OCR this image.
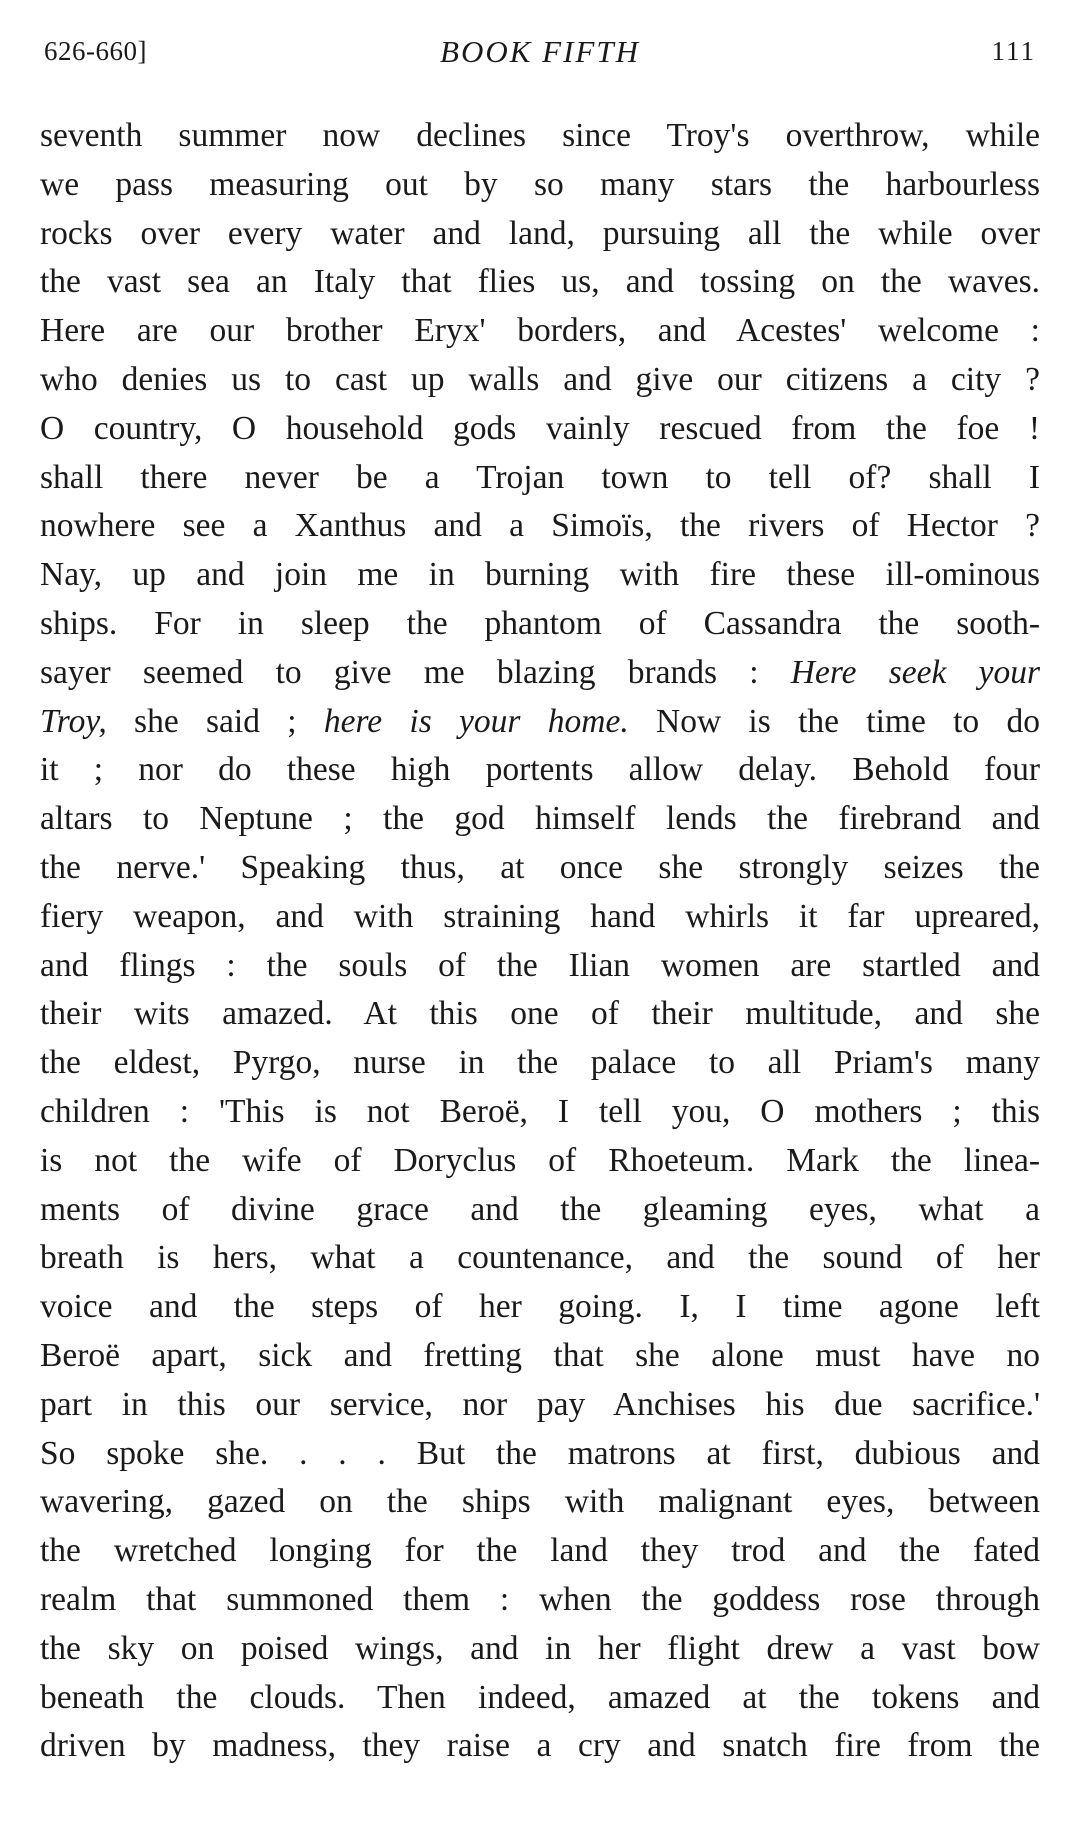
626-660]	BOOK FIFTH	111
seventh summer now declines since Troy's overthrow, while
we pass measuring out by so many stars the harbourless
rocks over every water and land, pursuing all the while over
the vast sea an Italy that flies us, and tossing on the waves.
Here are our brother Eryx' borders, and Acestes' welcome :
who denies us to cast up walls and give our citizens a city ?
O country, O household gods vainly rescued from the foe !
shall there never be a Trojan town to tell of? shall I
nowhere see a Xanthus and a Simoïs, the rivers of Hector ?
Nay, up and join me in burning with fire these ill-ominous
ships. For in sleep the phantom of Cassandra the sooth-
sayer seemed to give me blazing brands : Here seek your
Troy, she said ; here is your home. Now is the time to do
it ; nor do these high portents allow delay. Behold four
altars to Neptune ; the god himself lends the firebrand and
the nerve.' Speaking thus, at once she strongly seizes the
fiery weapon, and with straining hand whirls it far upreared,
and flings : the souls of the Ilian women are startled and
their wits amazed. At this one of their multitude, and she
the eldest, Pyrgo, nurse in the palace to all Priam's many
children : 'This is not Beroë, I tell you, O mothers ; this
is not the wife of Doryclus of Rhoeteum. Mark the linea-
ments of divine grace and the gleaming eyes, what a
breath is hers, what a countenance, and the sound of her
voice and the steps of her going. I, I time agone left
Beroë apart, sick and fretting that she alone must have no
part in this our service, nor pay Anchises his due sacrifice.'
So spoke she. . . . But the matrons at first, dubious and
wavering, gazed on the ships with malignant eyes, between
the wretched longing for the land they trod and the fated
realm that summoned them : when the goddess rose through
the sky on poised wings, and in her flight drew a vast bow
beneath the clouds. Then indeed, amazed at the tokens and
driven by madness, they raise a cry and snatch fire from the
